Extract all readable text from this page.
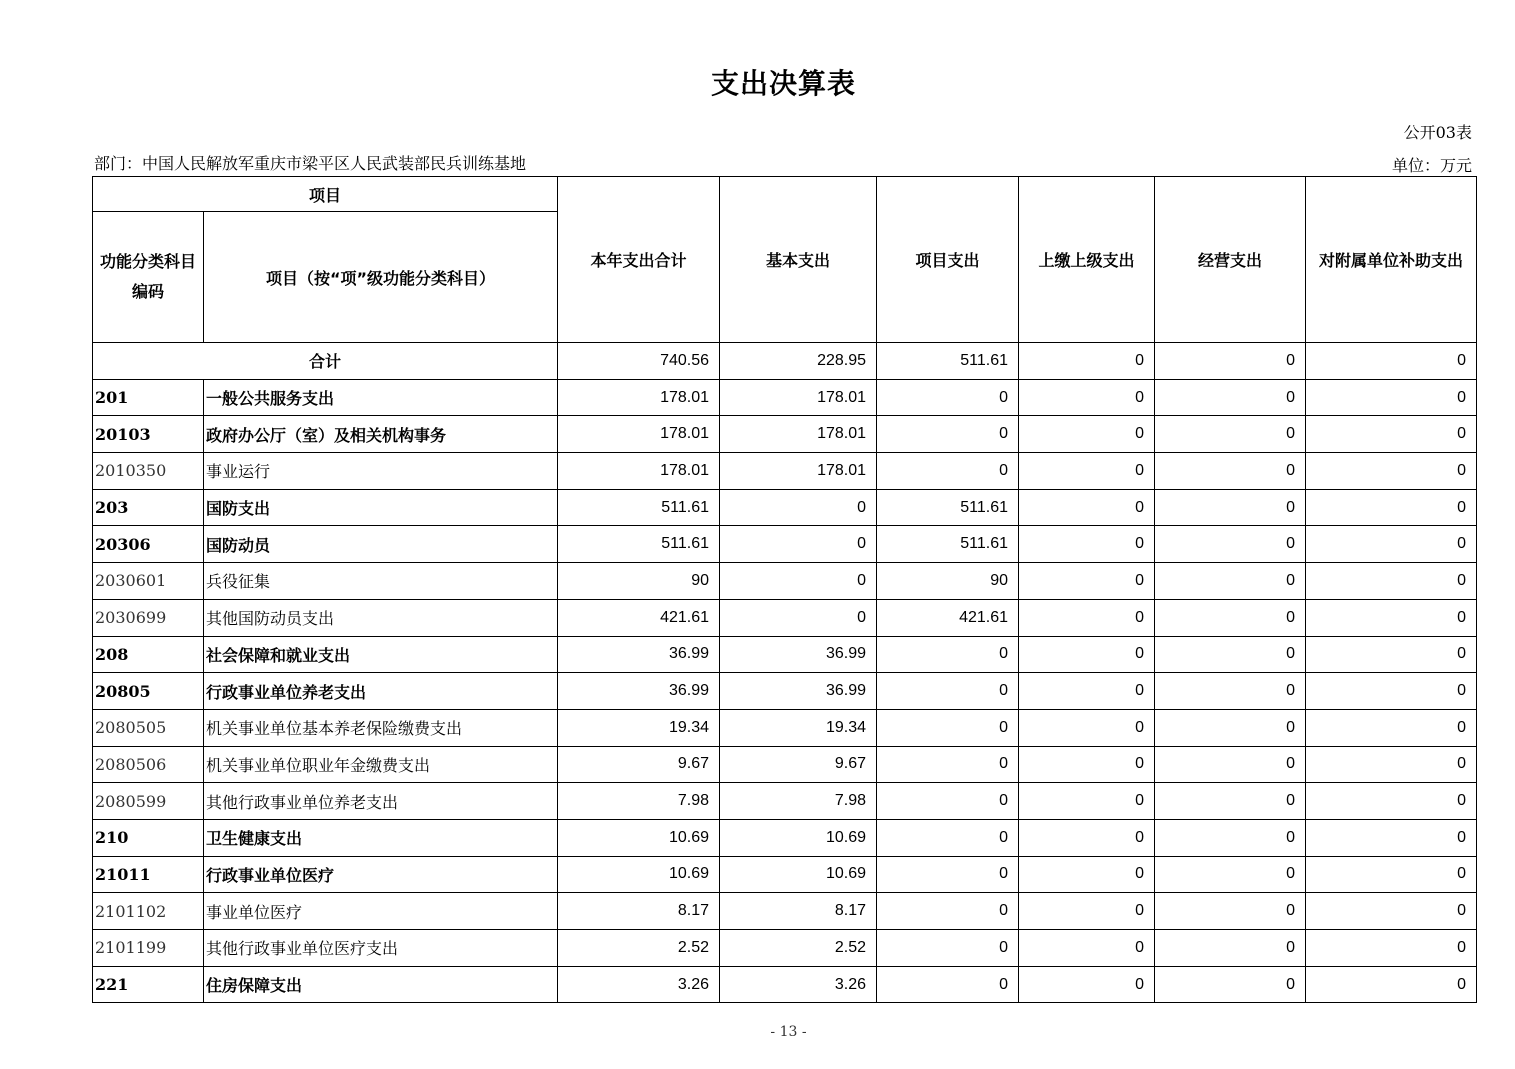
支出决算表
公开03表
部门：中国人民解放军重庆市梁平区人民武装部民兵训练基地	单位：万元
项目		本年支出合计	基本支出	项目支出	上缴上级支出	经营支出	对附属单位补助支出
功能分类科目编码	项目（按“项”级功能分类科目）						
合计		740.56	228.95	511.61	0	0	0
201	一般公共服务支出	178.01	178.01	0	0	0	0
20103	政府办公厅（室）及相关机构事务	178.01	178.01	0	0	0	0
2010350	事业运行	178.01	178.01	0	0	0	0
203	国防支出	511.61	0	511.61	0	0	0
20306	国防动员	511.61	0	511.61	0	0	0
2030601	兵役征集	90	0	90	0	0	0
2030699	其他国防动员支出	421.61	0	421.61	0	0	0
208	社会保障和就业支出	36.99	36.99	0	0	0	0
20805	行政事业单位养老支出	36.99	36.99	0	0	0	0
2080505	机关事业单位基本养老保险缴费支出	19.34	19.34	0	0	0	0
2080506	机关事业单位职业年金缴费支出	9.67	9.67	0	0	0	0
2080599	其他行政事业单位养老支出	7.98	7.98	0	0	0	0
210	卫生健康支出	10.69	10.69	0	0	0	0
21011	行政事业单位医疗	10.69	10.69	0	0	0	0
2101102	事业单位医疗	8.17	8.17	0	0	0	0
2101199	其他行政事业单位医疗支出	2.52	2.52	0	0	0	0
221	住房保障支出	3.26	3.26	0	0	0	0
- 13 -
